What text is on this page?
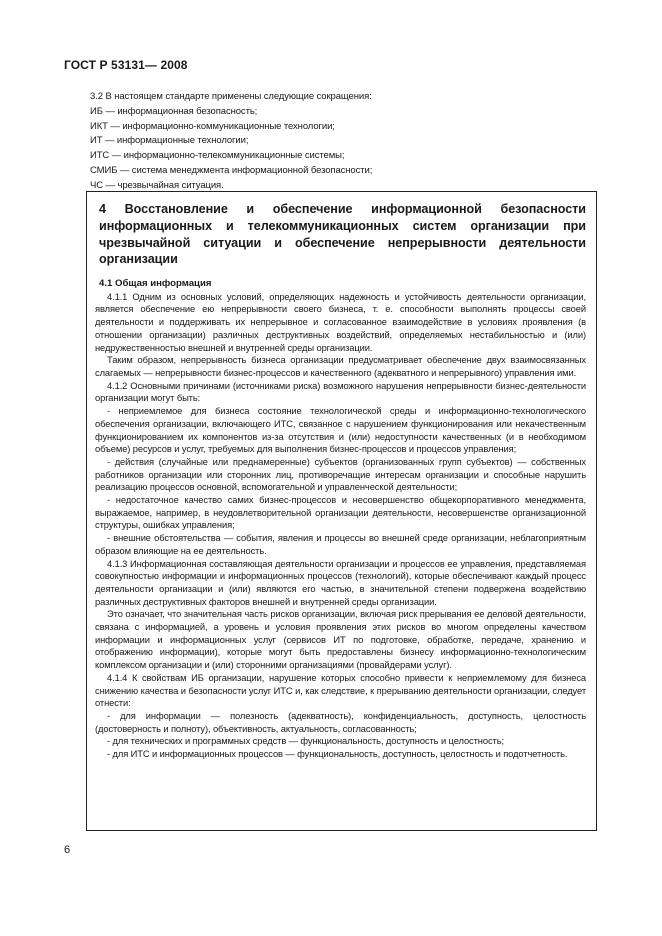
ГОСТ Р 53131— 2008
3.2 В настоящем стандарте применены следующие сокращения:
ИБ — информационная безопасность;
ИКТ — информационно-коммуникационные технологии;
ИТ — информационные технологии;
ИТС — информационно-телекоммуникационные системы;
СМИБ — система менеджмента информационной безопасности;
ЧС — чрезвычайная ситуация.
4 Восстановление и обеспечение информационной безопасности информационных и телекоммуникационных систем организации при чрезвычайной ситуации и обеспечение непрерывности деятельности организации
4.1 Общая информация

4.1.1 Одним из основных условий, определяющих надежность и устойчивость деятельности организации, является обеспечение ею непрерывности своего бизнеса, т. е. способности выполнять процессы своей деятельности и поддерживать их непрерывное и согласованное взаимодействие в условиях проявления (в отношении организации) различных деструктивных воздействий, определяемых нестабильностью и (или) недружественностью внешней и внутренней среды организации.

Таким образом, непрерывность бизнеса организации предусматривает обеспечение двух взаимосвязанных слагаемых — непрерывности бизнес-процессов и качественного (адекватного и непрерывного) управления ими.

4.1.2 Основными причинами (источниками риска) возможного нарушения непрерывности бизнес-деятельности организации могут быть:

- неприемлемое для бизнеса состояние технологической среды и информационно-технологического обеспечения организации, включающего ИТС, связанное с нарушением функционирования или некачественным функционированием их компонентов из-за отсутствия и (или) недоступности качественных (и в необходимом объеме) ресурсов и услуг, требуемых для выполнения бизнес-процессов и процессов управления;

- действия (случайные или преднамеренные) субъектов (организованных групп субъектов) — собственных работников организации или сторонних лиц, противоречащие интересам организации и способные нарушить реализацию процессов основной, вспомогательной и управленческой деятельности;

- недостаточное качество самих бизнес-процессов и несовершенство общекорпоративного менеджмента, выражаемое, например, в неудовлетворительной организации деятельности, несовершенстве организационной структуры, ошибках управления;

- внешние обстоятельства — события, явления и процессы во внешней среде организации, неблагоприятным образом влияющие на ее деятельность.

4.1.3 Информационная составляющая деятельности организации и процессов ее управления, представляемая совокупностью информации и информационных процессов (технологий), которые обеспечивают каждый процесс деятельности организации и (или) являются его частью, в значительной степени подвержена воздействию различных деструктивных факторов внешней и внутренней среды организации.

Это означает, что значительная часть рисков организации, включая риск прерывания ее деловой деятельности, связана с информацией, а уровень и условия проявления этих рисков во многом определены качеством информации и информационных услуг (сервисов ИТ по подготовке, обработке, передаче, хранению и отображению информации), которые могут быть предоставлены бизнесу информационно-технологическим комплексом организации и (или) сторонними организациями (провайдерами услуг).

4.1.4 К свойствам ИБ организации, нарушение которых способно привести к неприемлемому для бизнеса снижению качества и безопасности услуг ИТС и, как следствие, к прерыванию деятельности организации, следует отнести:

- для информации — полезность (адекватность), конфиденциальность, доступность, целостность (достоверность и полноту), объективность, актуальность, согласованность;

- для технических и программных средств — функциональность, доступность и целостность;

- для ИТС и информационных процессов — функциональность, доступность, целостность и подотчетность.

6
